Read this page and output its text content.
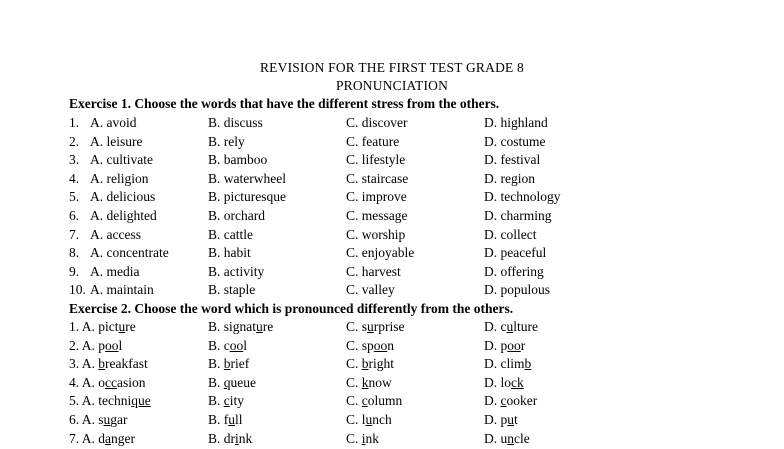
REVISION FOR THE FIRST TEST GRADE 8
PRONUNCIATION
Exercise 1. Choose the words that have the different stress from the others.
1. A. avoid	B. discuss	C. discover	D. highland
2. A. leisure	B. rely	C. feature	D. costume
3. A. cultivate	B. bamboo	C. lifestyle	D. festival
4. A. religion	B. waterwheel	C. staircase	D. region
5. A. delicious	B. picturesque	C. improve	D. technology
6. A. delighted	B. orchard	C. message	D. charming
7. A. access	B. cattle	C. worship	D. collect
8. A. concentrate	B. habit	C. enjoyable	D. peaceful
9. A. media	B. activity	C. harvest	D. offering
10. A. maintain	B. staple	C. valley	D. populous
Exercise 2. Choose the word which is pronounced differently from the others.
1. A. picture	B. signature	C. surprise	D. culture
2. A. pool	B. cool	C. spoon	D. poor
3. A. breakfast	B. brief	C. bright	D. climb
4. A. occasion	B. queue	C. know	D. lock
5. A. technique	B. city	C. column	D. cooker
6. A. sugar	B. full	C. lunch	D. put
7. A. danger	B. drink	C. ink	D. uncle
